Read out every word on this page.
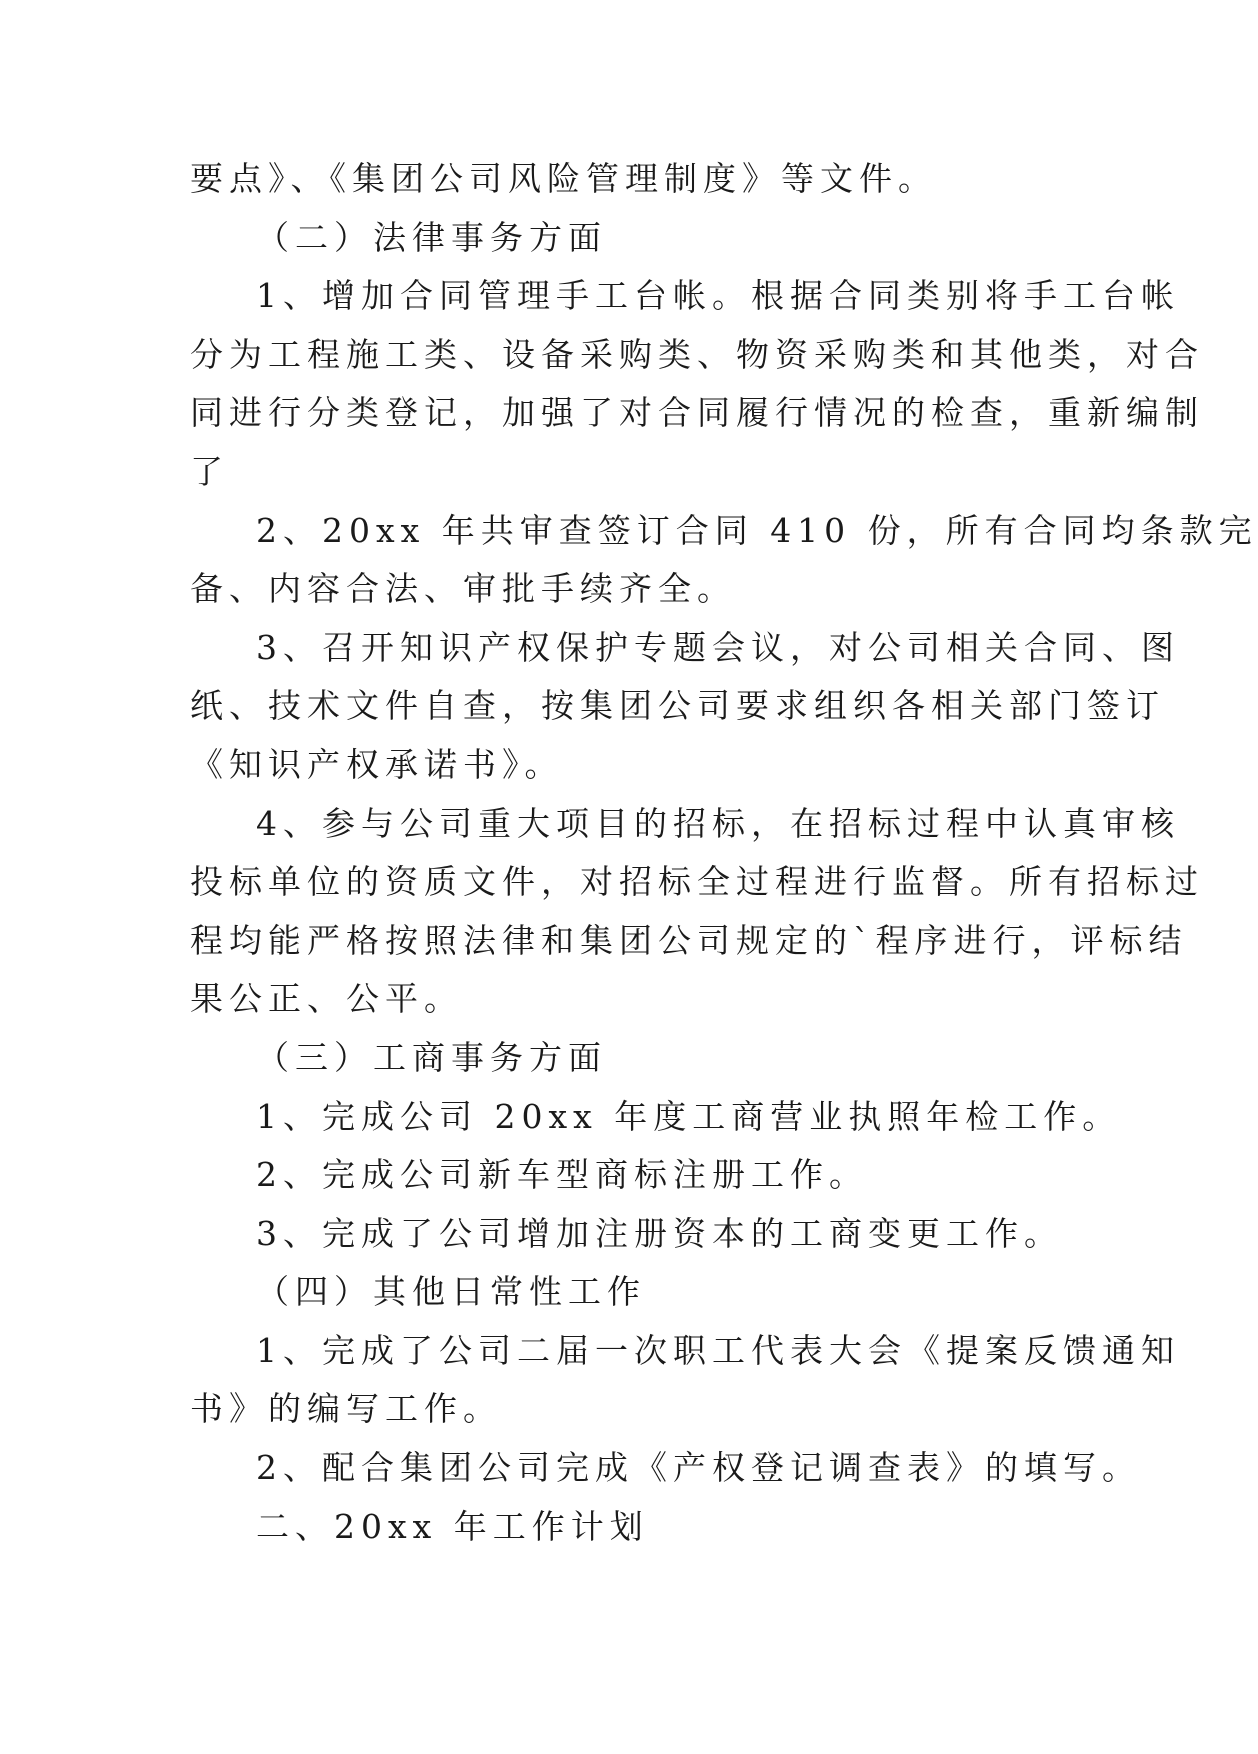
要点》、《集团公司风险管理制度》等文件。
（二）法律事务方面
1、增加合同管理手工台帐。根据合同类别将手工台帐
分为工程施工类、设备采购类、物资采购类和其他类，对合
同进行分类登记，加强了对合同履行情况的检查，重新编制
了
2、20xx 年共审查签订合同 410 份，所有合同均条款完
备、内容合法、审批手续齐全。
3、召开知识产权保护专题会议，对公司相关合同、图
纸、技术文件自查，按集团公司要求组织各相关部门签订
《知识产权承诺书》。
4、参与公司重大项目的招标，在招标过程中认真审核
投标单位的资质文件，对招标全过程进行监督。所有招标过
程均能严格按照法律和集团公司规定的`程序进行，评标结
果公正、公平。
（三）工商事务方面
1、完成公司 20xx 年度工商营业执照年检工作。
2、完成公司新车型商标注册工作。
3、完成了公司增加注册资本的工商变更工作。
（四）其他日常性工作
1、完成了公司二届一次职工代表大会《提案反馈通知
书》的编写工作。
2、配合集团公司完成《产权登记调查表》的填写。
二、20xx 年工作计划
